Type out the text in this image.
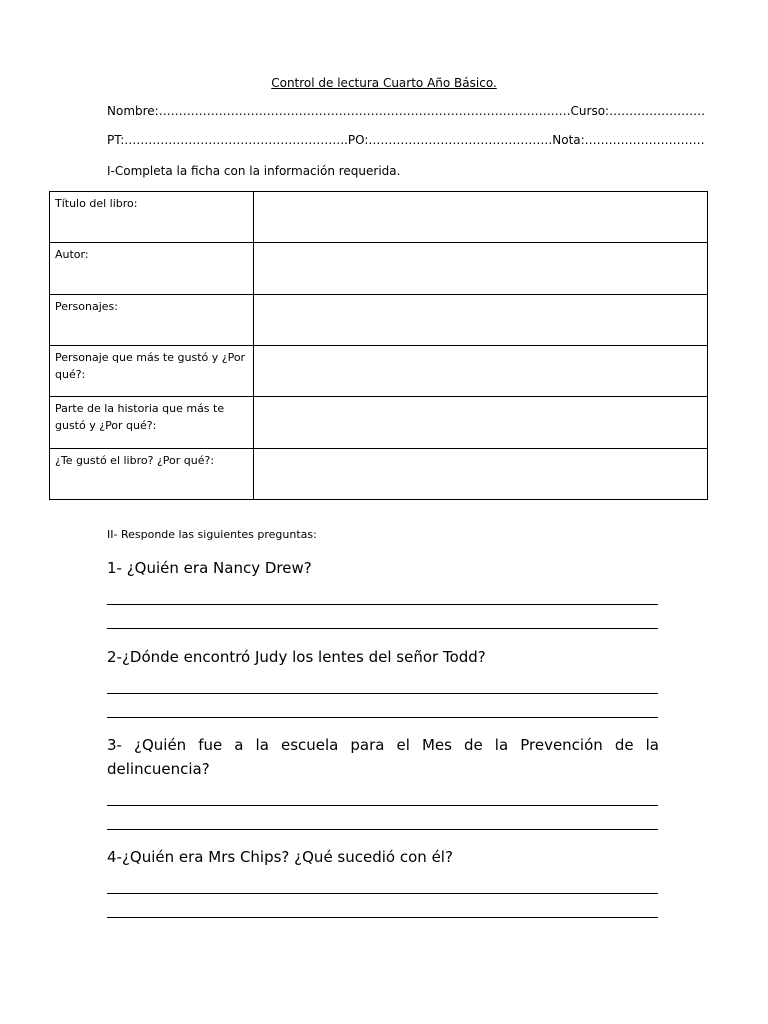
Control de lectura Cuarto Año Básico.
Nombre:………………………………………………………………………………………….Curso:……………………
PT:………………………………………………..PO:……………………………………….Nota:…………………………
I-Completa la ficha con la información requerida.
Título del libro:	
Autor:	
Personajes:	
Personaje que más te gustó y ¿Por qué?:	
Parte de la historia que más te gustó y ¿Por qué?:	
¿Te gustó el libro? ¿Por qué?:	
II- Responde las siguientes preguntas:
1- ¿Quién era Nancy Drew?
2-¿Dónde encontró Judy los lentes del señor Todd?
3- ¿Quién fue a la escuela para el Mes de la Prevención de la delincuencia?
4-¿Quién era Mrs Chips? ¿Qué sucedió con él?
